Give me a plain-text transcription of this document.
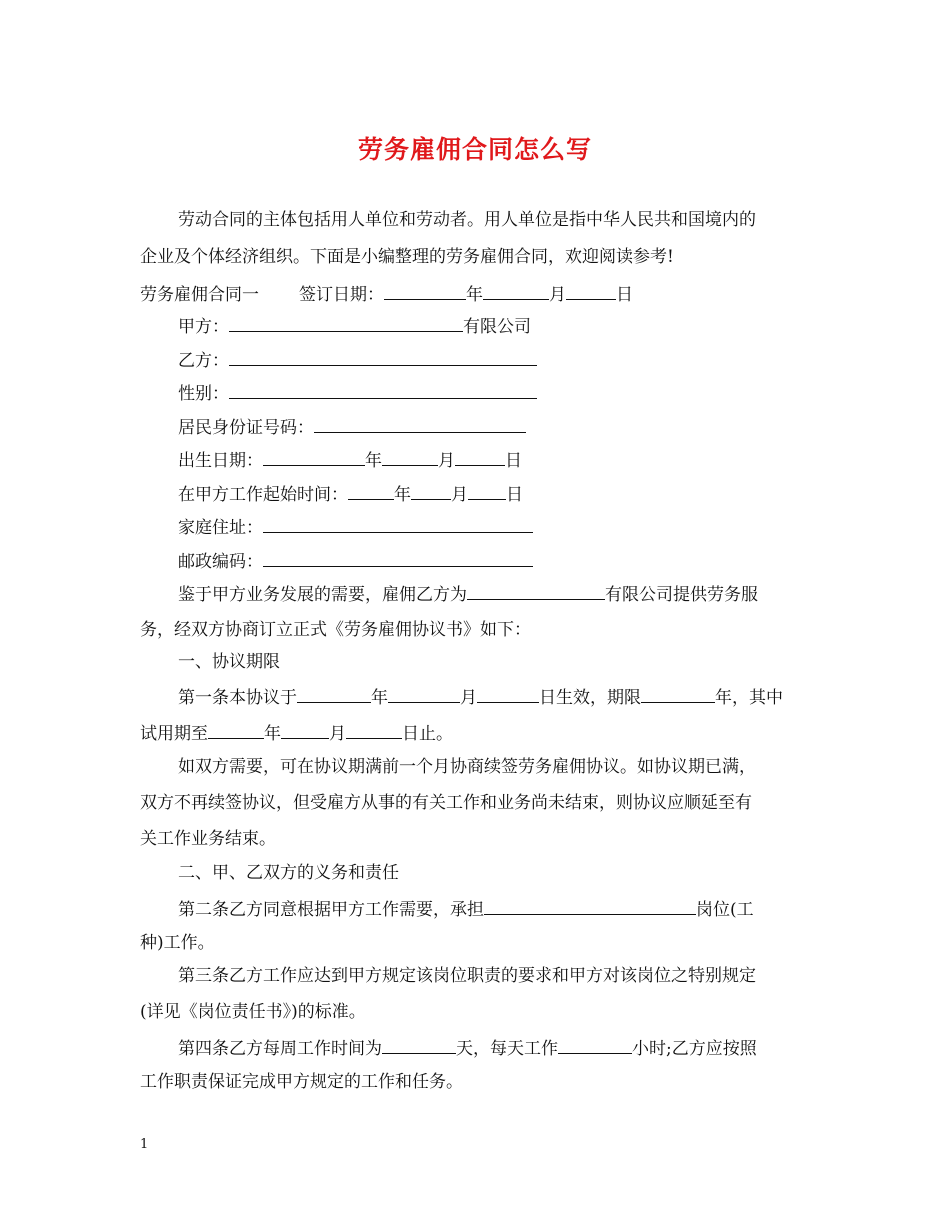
劳务雇佣合同怎么写
劳动合同的主体包括用人单位和劳动者。用人单位是指中华人民共和国境内的
企业及个体经济组织。下面是小编整理的劳务雇佣合同，欢迎阅读参考!
劳务雇佣合同一 签订日期：	年	月	日
甲方：	有限公司
乙方：
性别：
居民身份证号码：
出生日期：	年	月	日
在甲方工作起始时间：	年 月 日
家庭住址：
邮政编码：
鉴于甲方业务发展的需要，雇佣乙方为	有限公司提供劳务服
务，经双方协商订立正式《劳务雇佣协议书》如下：
一、协议期限
第一条本协议于	年	月	日生效，期限	年，其中
试用期至	年	月	日止。
如双方需要，可在协议期满前一个月协商续签劳务雇佣协议。如协议期已满，
双方不再续签协议，但受雇方从事的有关工作和业务尚未结束，则协议应顺延至有
关工作业务结束。
二、甲、乙双方的义务和责任
第二条乙方同意根据甲方工作需要，承担	岗位(工
种)工作。
第三条乙方工作应达到甲方规定该岗位职责的要求和甲方对该岗位之特别规定
(详见《岗位责任书》)的标准。
第四条乙方每周工作时间为	天，每天工作	小时;乙方应按照
工作职责保证完成甲方规定的工作和任务。
1
